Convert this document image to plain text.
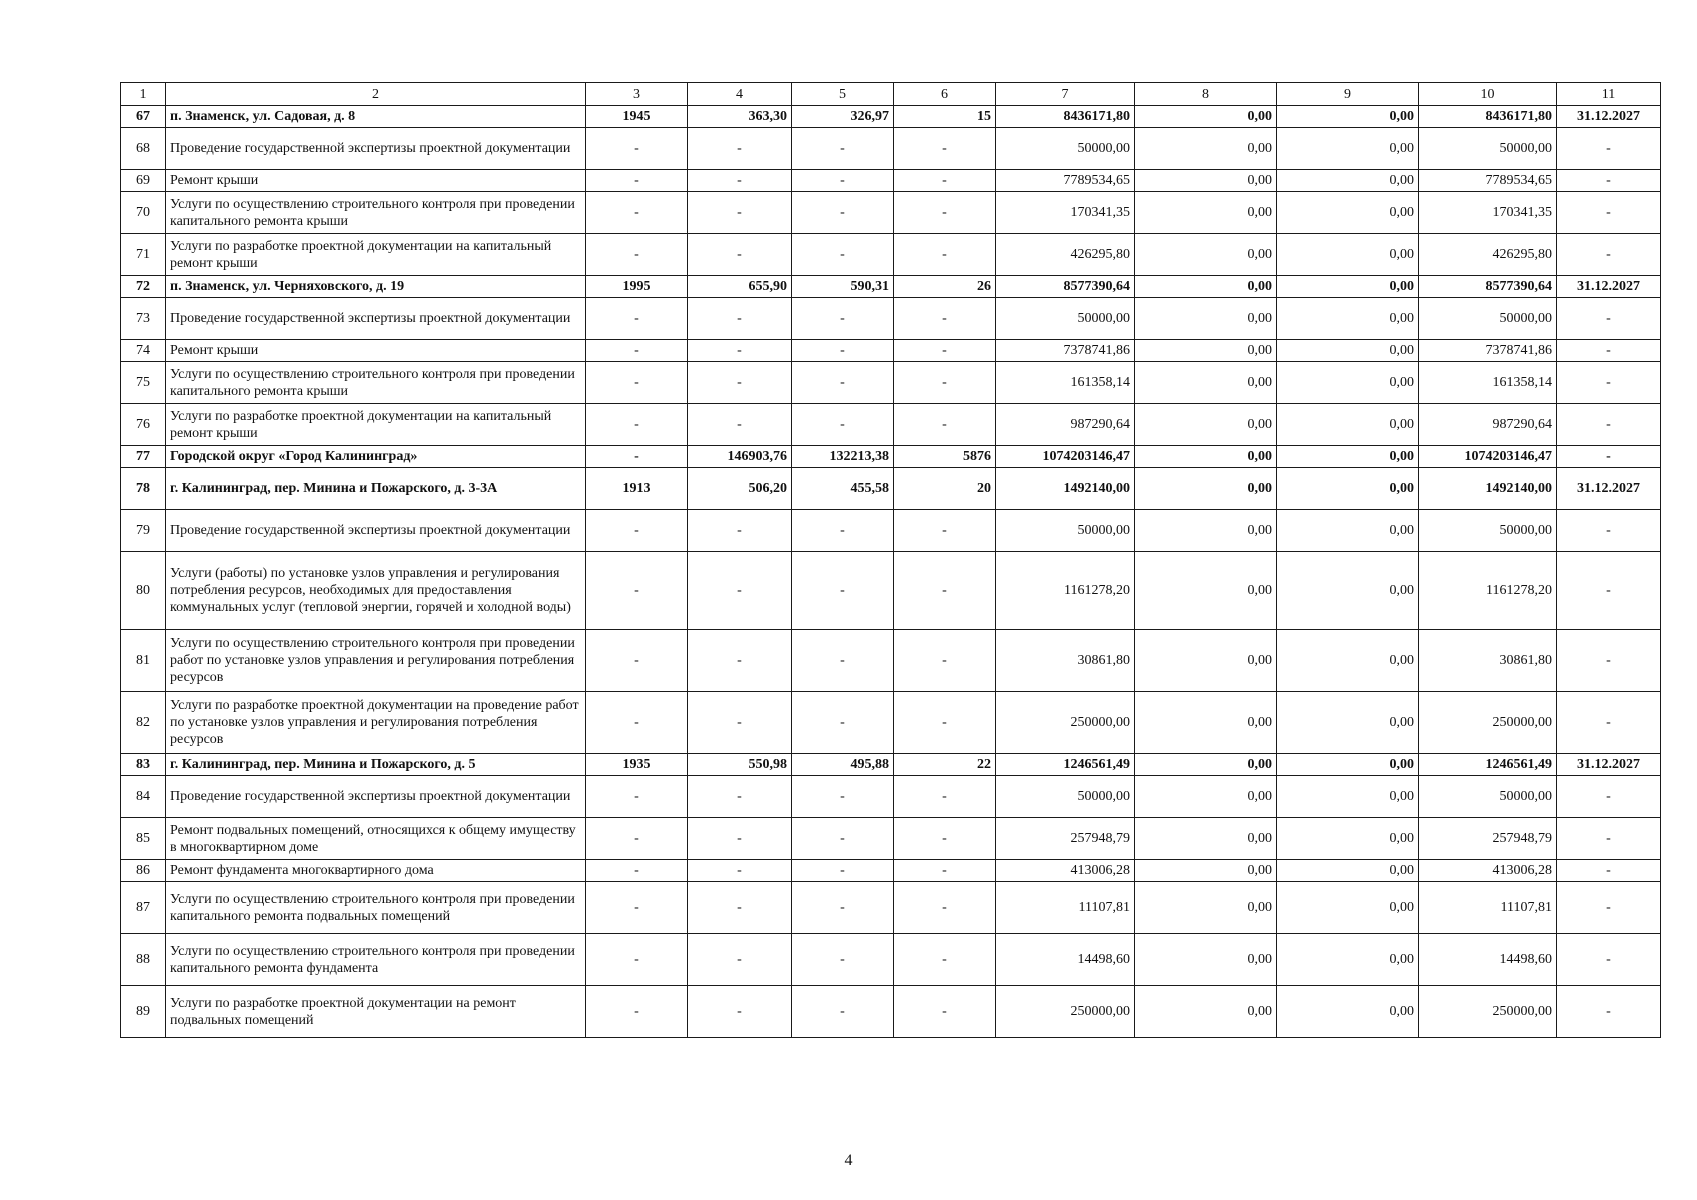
1	2	3	4	5	6	7	8	9	10	11
67	п. Знаменск, ул. Садовая, д. 8	1945	363,30	326,97	15	8436171,80	0,00	0,00	8436171,80	31.12.2027
68	Проведение государственной экспертизы проектной документации	-	-	-	-	50000,00	0,00	0,00	50000,00	-
69	Ремонт крыши	-	-	-	-	7789534,65	0,00	0,00	7789534,65	-
70	Услуги по осуществлению строительного контроля при проведении капитального ремонта крыши	-	-	-	-	170341,35	0,00	0,00	170341,35	-
71	Услуги по разработке проектной документации на капитальный ремонт крыши	-	-	-	-	426295,80	0,00	0,00	426295,80	-
72	п. Знаменск, ул. Черняховского, д. 19	1995	655,90	590,31	26	8577390,64	0,00	0,00	8577390,64	31.12.2027
73	Проведение государственной экспертизы проектной документации	-	-	-	-	50000,00	0,00	0,00	50000,00	-
74	Ремонт крыши	-	-	-	-	7378741,86	0,00	0,00	7378741,86	-
75	Услуги по осуществлению строительного контроля при проведении капитального ремонта крыши	-	-	-	-	161358,14	0,00	0,00	161358,14	-
76	Услуги по разработке проектной документации на капитальный ремонт крыши	-	-	-	-	987290,64	0,00	0,00	987290,64	-
77	Городской округ «Город Калининград»	-	146903,76	132213,38	5876	1074203146,47	0,00	0,00	1074203146,47	-
78	г. Калининград, пер. Минина и Пожарского, д. 3-3А	1913	506,20	455,58	20	1492140,00	0,00	0,00	1492140,00	31.12.2027
79	Проведение государственной экспертизы проектной документации	-	-	-	-	50000,00	0,00	0,00	50000,00	-
80	Услуги (работы) по установке узлов управления и регулирования потребления ресурсов, необходимых для предоставления коммунальных услуг (тепловой энергии, горячей и холодной воды)	-	-	-	-	1161278,20	0,00	0,00	1161278,20	-
81	Услуги по осуществлению строительного контроля при проведении работ по установке узлов управления и регулирования потребления ресурсов	-	-	-	-	30861,80	0,00	0,00	30861,80	-
82	Услуги по разработке проектной документации на проведение работ по установке узлов управления и регулирования потребления ресурсов	-	-	-	-	250000,00	0,00	0,00	250000,00	-
83	г. Калининград, пер. Минина и Пожарского, д. 5	1935	550,98	495,88	22	1246561,49	0,00	0,00	1246561,49	31.12.2027
84	Проведение государственной экспертизы проектной документации	-	-	-	-	50000,00	0,00	0,00	50000,00	-
85	Ремонт подвальных помещений, относящихся к общему имуществу в многоквартирном доме	-	-	-	-	257948,79	0,00	0,00	257948,79	-
86	Ремонт фундамента многоквартирного дома	-	-	-	-	413006,28	0,00	0,00	413006,28	-
87	Услуги по осуществлению строительного контроля при проведении капитального ремонта подвальных помещений	-	-	-	-	11107,81	0,00	0,00	11107,81	-
88	Услуги по осуществлению строительного контроля при проведении капитального ремонта фундамента	-	-	-	-	14498,60	0,00	0,00	14498,60	-
89	Услуги по разработке проектной документации на ремонт подвальных помещений	-	-	-	-	250000,00	0,00	0,00	250000,00	-
4
